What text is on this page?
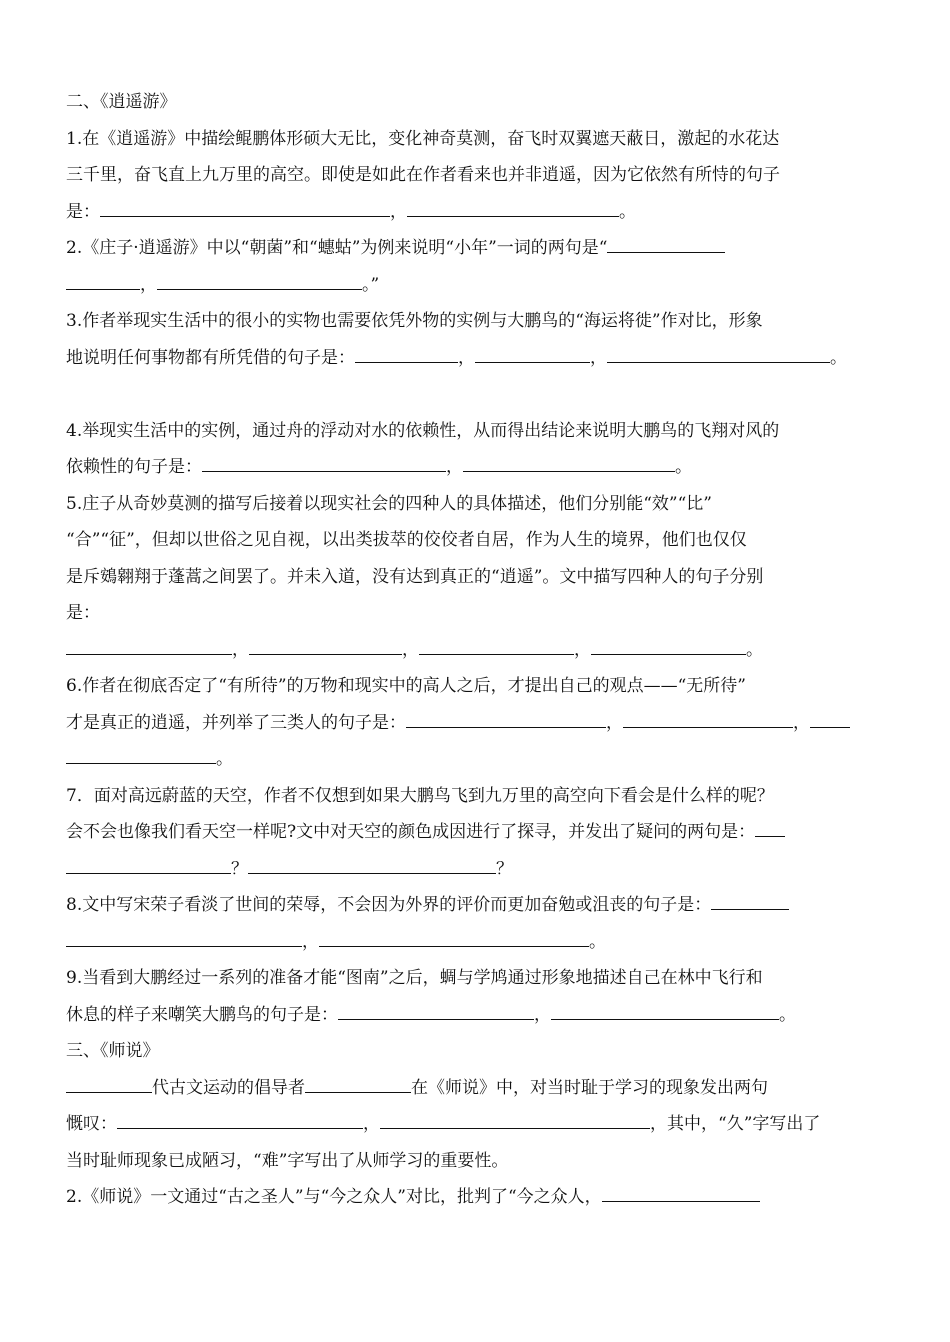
二、《逍遥游》
1.在《逍遥游》中描绘鲲鹏体形硕大无比，变化神奇莫测，奋飞时双翼遮天蔽日，激起的水花达
三千里，奋飞直上九万里的高空。即使是如此在作者看来也并非逍遥，因为它依然有所恃的句子
是：	，	。
2.《庄子·逍遥游》中以“朝菌”和“蟪蛄”为例来说明“小年”一词的两句是“
，	。”
3.作者举现实生活中的很小的实物也需要依凭外物的实例与大鹏鸟的“海运将徙”作对比，形象
地说明任何事物都有所凭借的句子是：	，	，	。
4.举现实生活中的实例，通过舟的浮动对水的依赖性，从而得出结论来说明大鹏鸟的飞翔对风的
依赖性的句子是：	，	。
5.庄子从奇妙莫测的描写后接着以现实社会的四种人的具体描述，他们分别能“效”“比”
“合”“征”，但却以世俗之见自视，以出类拔萃的佼佼者自居，作为人生的境界，他们也仅仅
是斥鴳翱翔于蓬蒿之间罢了。并未入道，没有达到真正的“逍遥”。文中描写四种人的句子分别
是：
，	，	，	。
6.作者在彻底否定了“有所待”的万物和现实中的高人之后，才提出自己的观点——“无所待”
才是真正的逍遥，并列举了三类人的句子是：	，	，
。
7．面对高远蔚蓝的天空，作者不仅想到如果大鹏鸟飞到九万里的高空向下看会是什么样的呢？
会不会也像我们看天空一样呢?文中对天空的颜色成因进行了探寻，并发出了疑问的两句是：
？	？
8.文中写宋荣子看淡了世间的荣辱，不会因为外界的评价而更加奋勉或沮丧的句子是：
，	。
9.当看到大鹏经过一系列的准备才能“图南”之后，蜩与学鸠通过形象地描述自己在林中飞行和
休息的样子来嘲笑大鹏鸟的句子是：	，	。
三、《师说》
代古文运动的倡导者	在《师说》中，对当时耻于学习的现象发出两句
慨叹：	，	，其中，“久”字写出了
当时耻师现象已成陋习，“难”字写出了从师学习的重要性。
2.《师说》一文通过“古之圣人”与“今之众人”对比，批判了“今之众人，
